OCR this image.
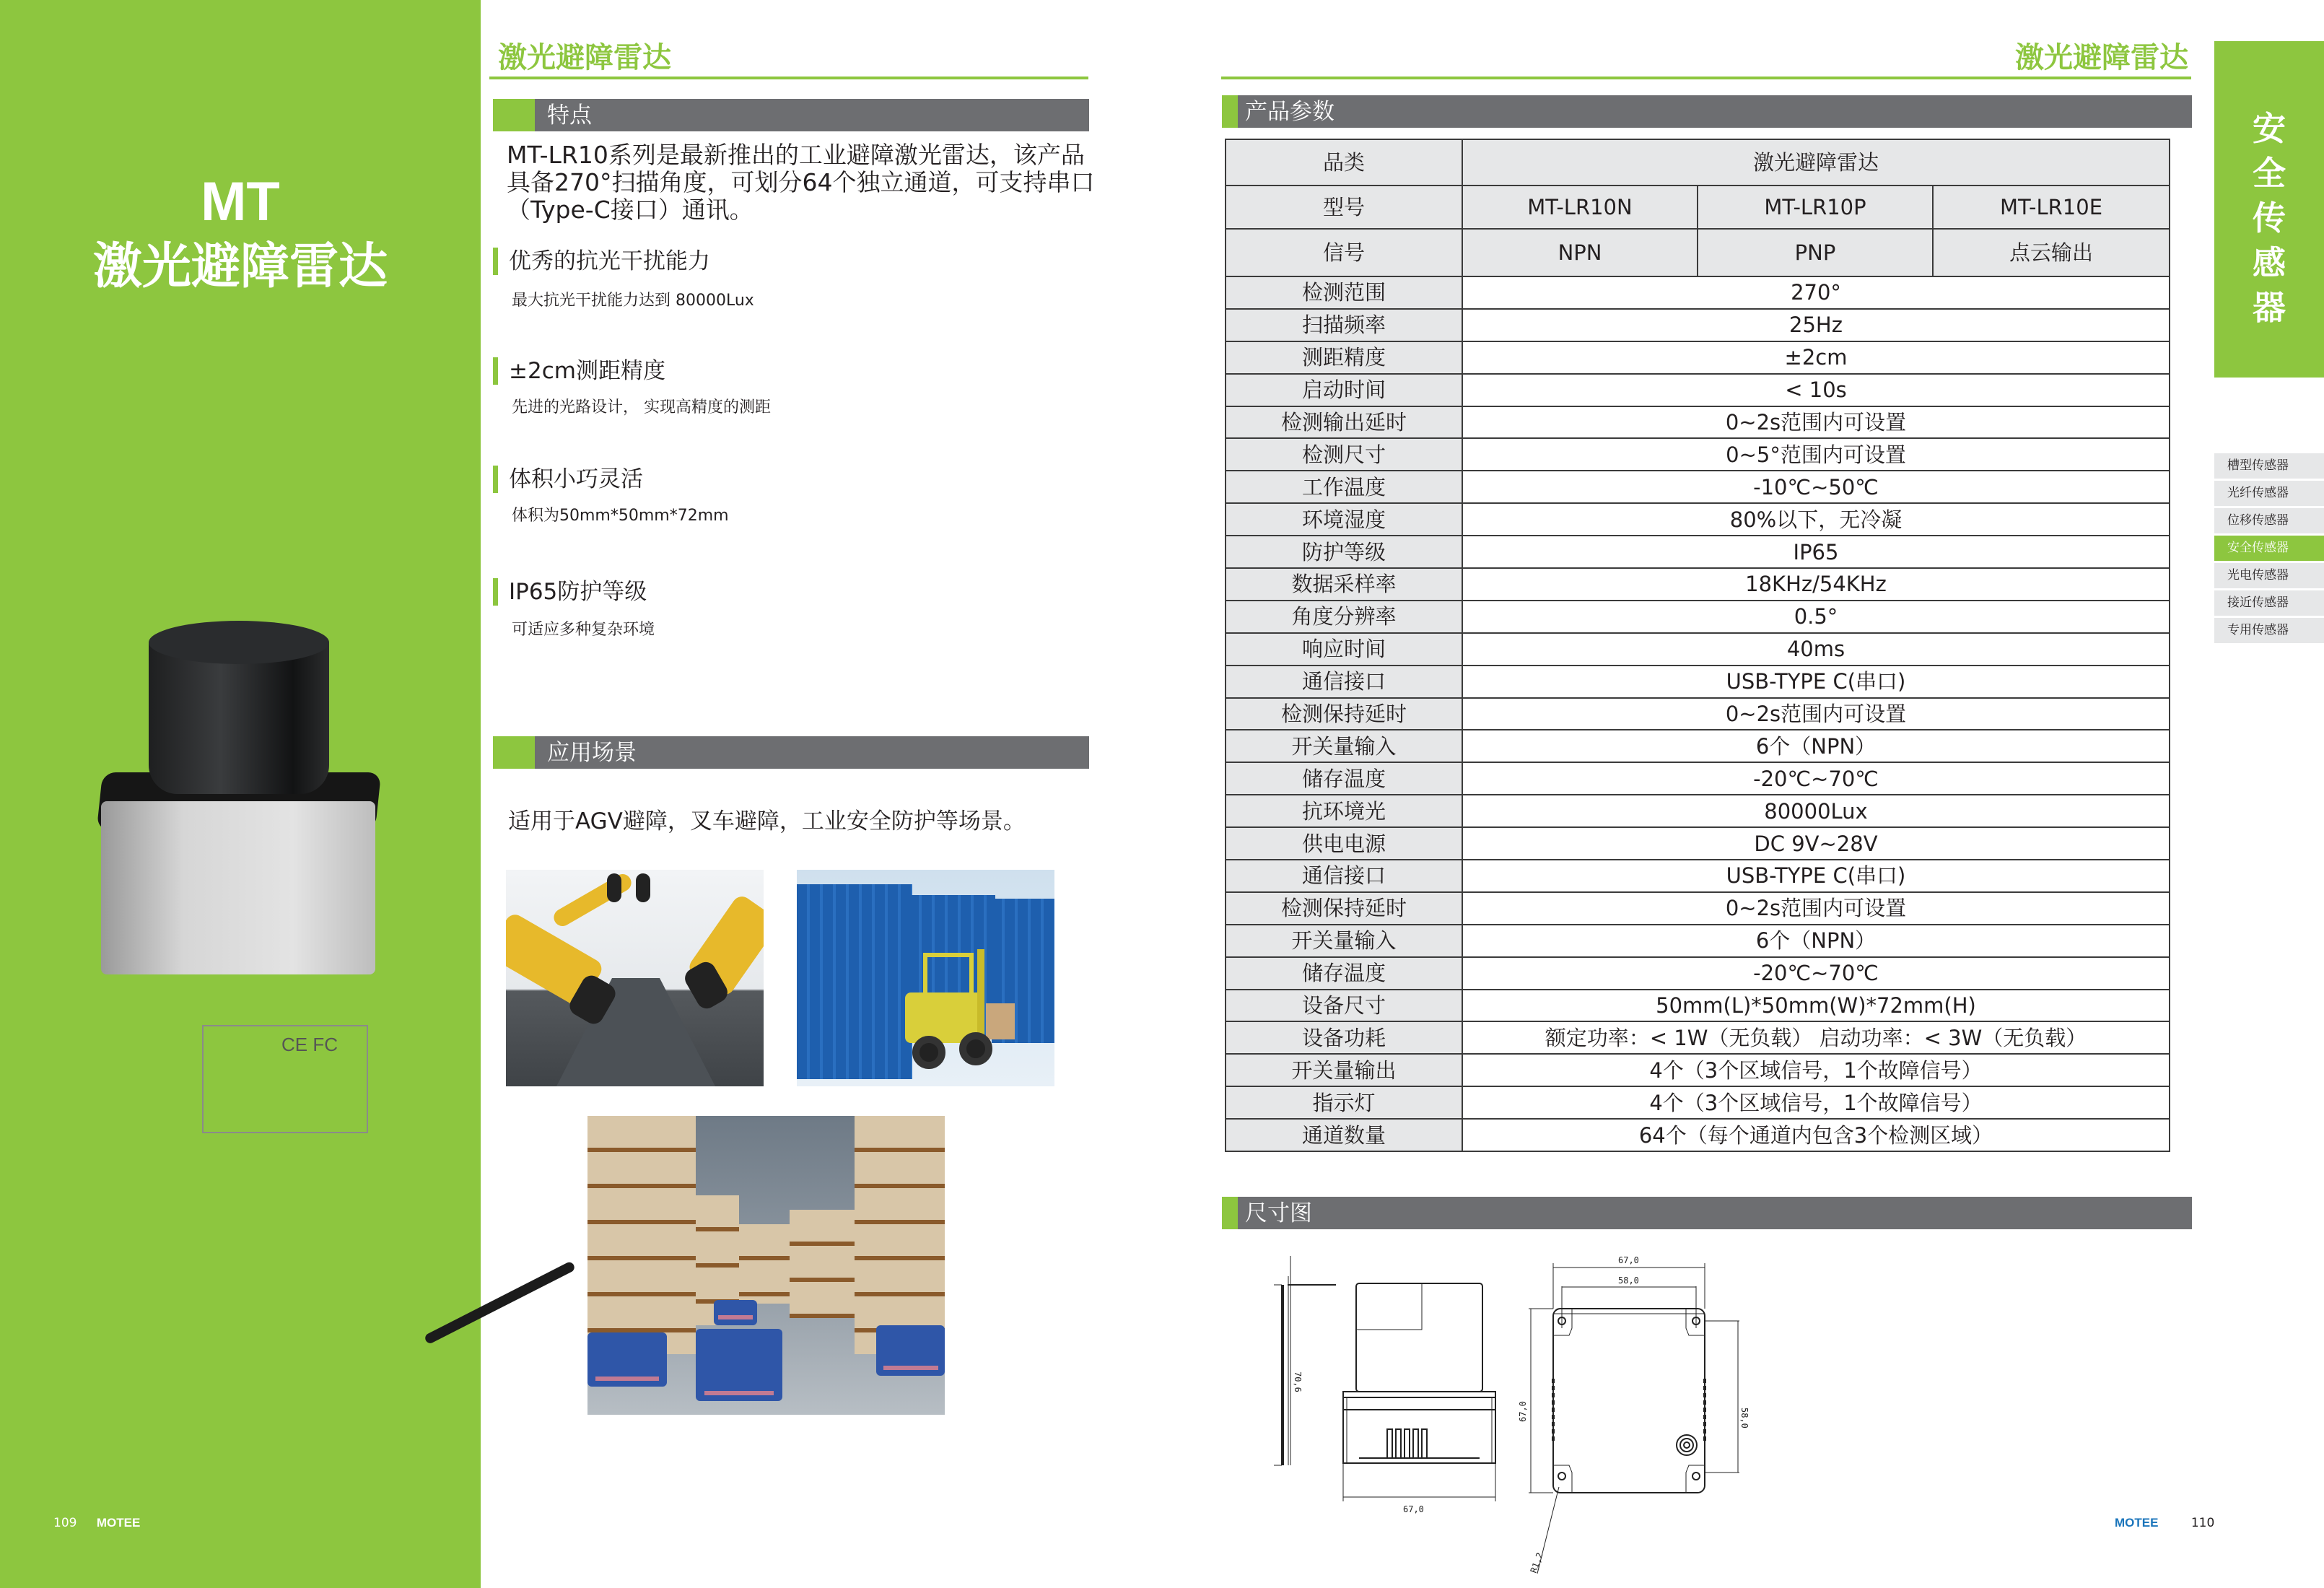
MT
激光避障雷达
CE FC
109 MOTEE
激光避障雷达
特点
MT-LR10系列是最新推出的工业避障激光雷达，该产品具备270°扫描角度，可划分64个独立通道，可支持串口（Type-C接口）通讯。
优秀的抗光干扰能力
最大抗光干扰能力达到 80000Lux
±2cm测距精度
先进的光路设计， 实现高精度的测距
体积小巧灵活
体积为50mm*50mm*72mm
IP65防护等级
可适应多种复杂环境
应用场景
适用于AGV避障，叉车避障，工业安全防护等场景。
激光避障雷达
产品参数
品类	激光避障雷达		
型号	MT-LR10N	MT-LR10P	MT-LR10E
信号	NPN	PNP	点云输出
检测范围	270°		
扫描频率	25Hz		
测距精度	±2cm		
启动时间	< 10s		
检测输出延时	0~2s范围内可设置		
检测尺寸	0~5°范围内可设置		
工作温度	-10℃~50℃		
环境湿度	80%以下，无冷凝		
防护等级	IP65		
数据采样率	18KHz/54KHz		
角度分辨率	0.5°		
响应时间	40ms		
通信接口	USB-TYPE C(串口)		
检测保持延时	0~2s范围内可设置		
开关量输入	6个（NPN）		
储存温度	-20℃~70℃		
抗环境光	80000Lux		
供电电源	DC 9V~28V		
通信接口	USB-TYPE C(串口)		
检测保持延时	0~2s范围内可设置		
开关量输入	6个（NPN）		
储存温度	-20℃~70℃		
设备尺寸	50mm(L)*50mm(W)*72mm(H)		
设备功耗	额定功率：< 1W（无负载） 启动功率：< 3W（无负载）		
开关量输出	4个（3个区域信号，1个故障信号）		
指示灯	4个（3个区域信号，1个故障信号）		
通道数量	64个（每个通道内包含3个检测区域）		
尺寸图
67,0
70,6
67,0
58,0
67,0	58,0
R1,2
安
全
传
感
器
槽型传感器
光纤传感器
位移传感器
安全传感器
光电传感器
接近传感器
专用传感器
MOTEE	110
